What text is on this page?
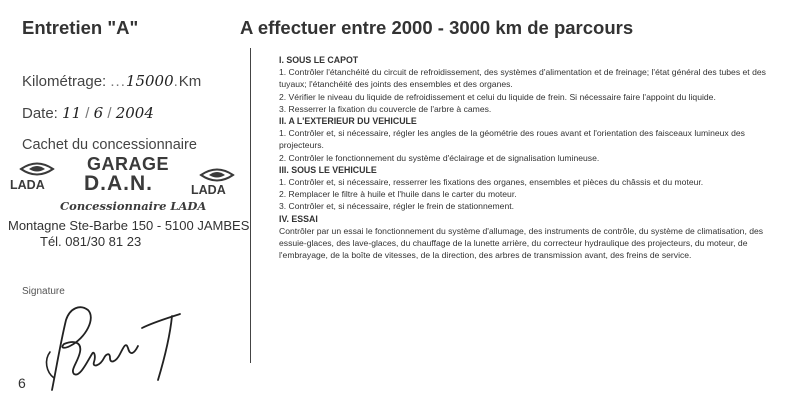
Entretien "A"	A effectuer entre 2000 - 3000 km de parcours
Kilométrage: ...15000.Km
Date: 11 / 6 / 2004
Cachet du concessionnaire
LADA
GARAGE
D.A.N.	LADA
Concessionnaire LADA
Montagne Ste-Barbe 150 - 5100 JAMBES
Tél. 081/30 81 23
Signature
6

I. SOUS LE CAPOT

1. Contrôler l'étanchéité du circuit de refroidissement, des systèmes d'alimentation et de freinage; l'état général des tubes et des tuyaux; l'étanchéité des joints des ensembles et des organes.

2. Vérifier le niveau du liquide de refroidissement et celui du liquide de frein. Si nécessaire faire l'appoint du liquide.

3. Resserrer la fixation du couvercle de l'arbre à cames.

II. A L'EXTERIEUR DU VEHICULE

1. Contrôler et, si nécessaire, régler les angles de la géométrie des roues avant et l'orientation des faisceaux lumineux des projecteurs.

2. Contrôler le fonctionnement du système d'éclairage et de signalisation lumineuse.

III. SOUS LE VEHICULE

1. Contrôler et, si nécessaire, resserrer les fixations des organes, ensembles et pièces du châssis et du moteur.

2. Remplacer le filtre à huile et l'huile dans le carter du moteur.

3. Contrôler et, si nécessaire, régler le frein de stationnement.

IV. ESSAI

Contrôler par un essai le fonctionnement du système d'allumage, des instruments de contrôle, du système de climatisation, des essuie-glaces, des lave-glaces, du chauffage de la lunette arrière, du correcteur hydraulique des projecteurs, du moteur, de l'embrayage, de la boîte de vitesses, de la direction, des arbres de transmission avant, des freins de service.
